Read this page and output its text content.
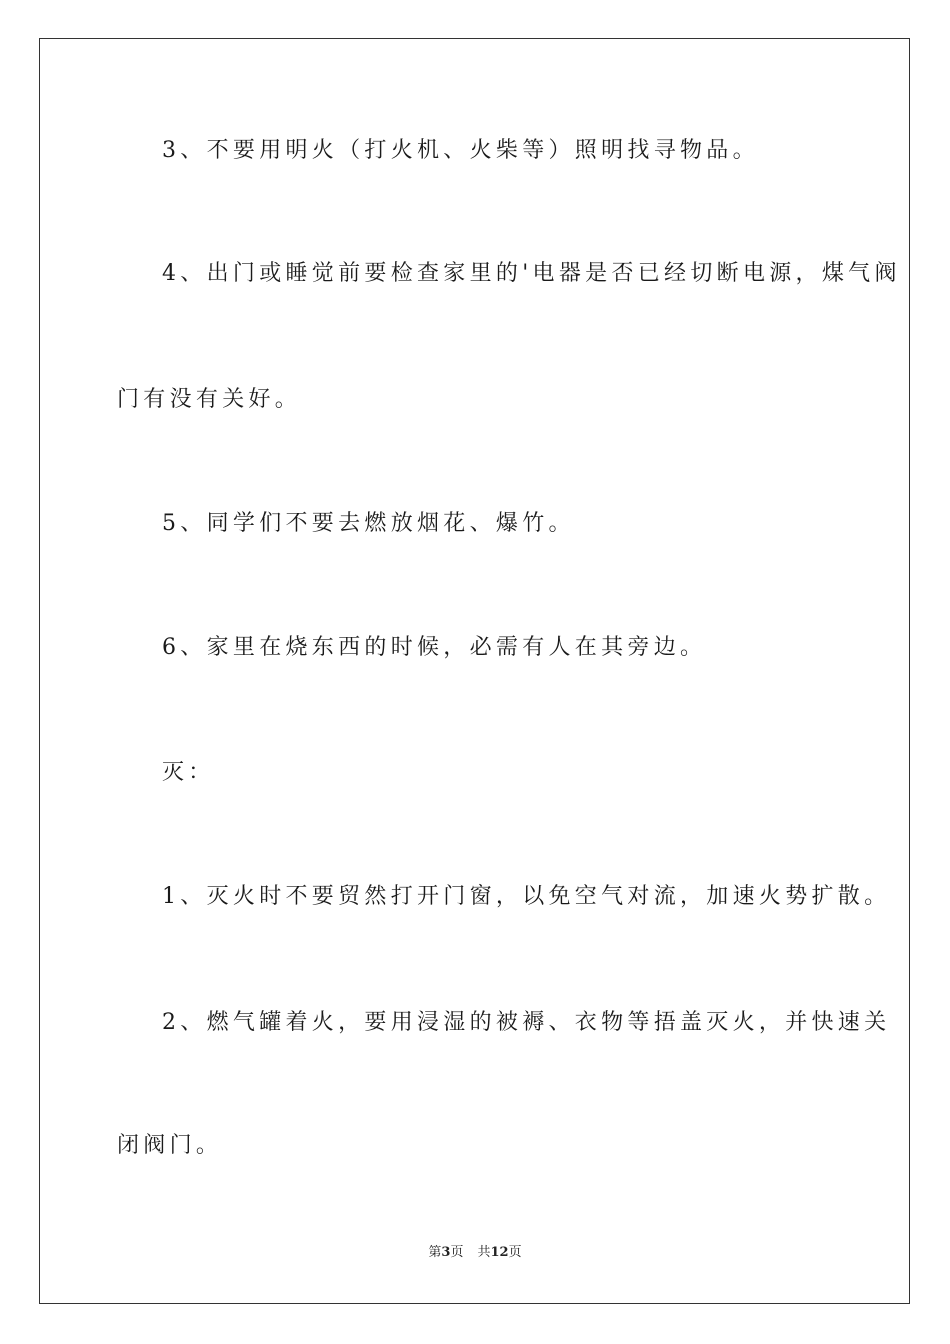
3、不要用明火（打火机、火柴等）照明找寻物品。
4、出门或睡觉前要检查家里的'电器是否已经切断电源，煤气阀
门有没有关好。
5、同学们不要去燃放烟花、爆竹。
6、家里在烧东西的时候，必需有人在其旁边。
灭：
1、灭火时不要贸然打开门窗，以免空气对流，加速火势扩散。
2、燃气罐着火，要用浸湿的被褥、衣物等捂盖灭火，并快速关
闭阀门。
第3页 共12页
